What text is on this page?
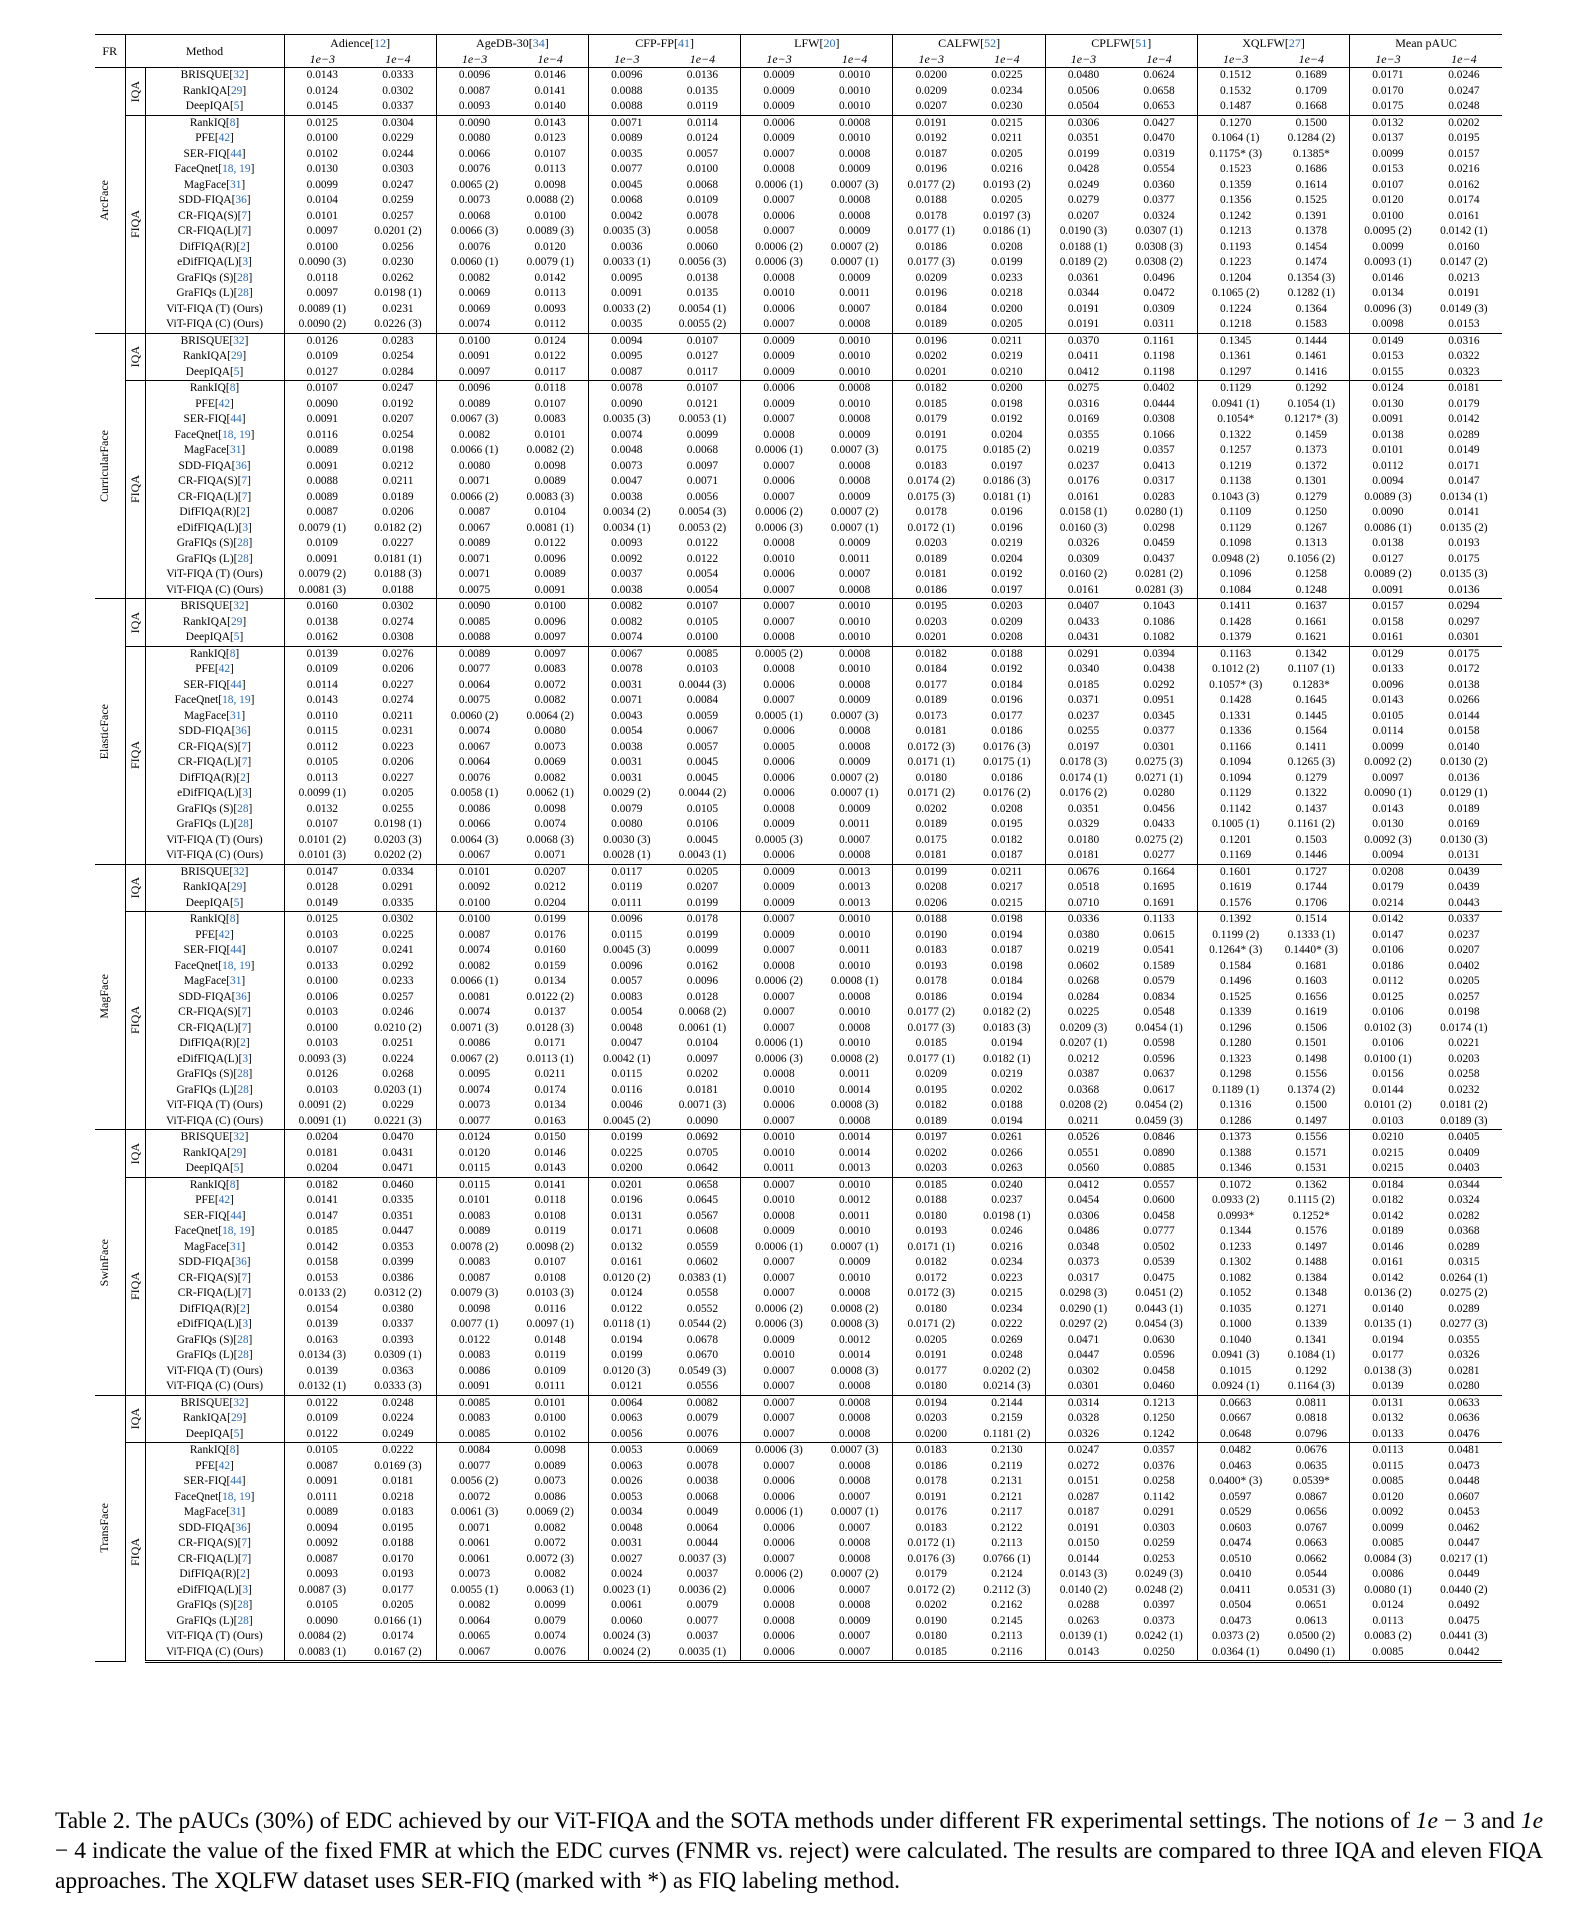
FR	Method		Adience[12]		AgeDB-30[34]		CFP-FP[41]		LFW[20]		CALFW[52]		CPLFW[51]		XQLFW[27]		Mean pAUC	
			1e−3	1e−4	1e−3	1e−4	1e−3	1e−4	1e−3	1e−4	1e−3	1e−4	1e−3	1e−4	1e−3	1e−4	1e−3	1e−4

ArcFace	IQA	BRISQUE[32]	0.0143	0.0333	0.0096	0.0146	0.0096	0.0136	0.0009	0.0010	0.0200	0.0225	0.0480	0.0624	0.1512	0.1689	0.0171	0.0246
		RankIQA[29]	0.0124	0.0302	0.0087	0.0141	0.0088	0.0135	0.0009	0.0010	0.0209	0.0234	0.0506	0.0658	0.1532	0.1709	0.0170	0.0247
		DeepIQA[5]	0.0145	0.0337	0.0093	0.0140	0.0088	0.0119	0.0009	0.0010	0.0207	0.0230	0.0504	0.0653	0.1487	0.1668	0.0175	0.0248

	FIQA	RankIQ[8]	0.0125	0.0304	0.0090	0.0143	0.0071	0.0114	0.0006	0.0008	0.0191	0.0215	0.0306	0.0427	0.1270	0.1500	0.0132	0.0202
		PFE[42]	0.0100	0.0229	0.0080	0.0123	0.0089	0.0124	0.0009	0.0010	0.0192	0.0211	0.0351	0.0470	0.1064 (1)	0.1284 (2)	0.0137	0.0195
		SER-FIQ[44]	0.0102	0.0244	0.0066	0.0107	0.0035	0.0057	0.0007	0.0008	0.0187	0.0205	0.0199	0.0319	0.1175* (3)	0.1385*	0.0099	0.0157
		FaceQnet[18, 19]	0.0130	0.0303	0.0076	0.0113	0.0077	0.0100	0.0008	0.0009	0.0196	0.0216	0.0428	0.0554	0.1523	0.1686	0.0153	0.0216
		MagFace[31]	0.0099	0.0247	0.0065 (2)	0.0098	0.0045	0.0068	0.0006 (1)	0.0007 (3)	0.0177 (2)	0.0193 (2)	0.0249	0.0360	0.1359	0.1614	0.0107	0.0162
		SDD-FIQA[36]	0.0104	0.0259	0.0073	0.0088 (2)	0.0068	0.0109	0.0007	0.0008	0.0188	0.0205	0.0279	0.0377	0.1356	0.1525	0.0120	0.0174
		CR-FIQA(S)[7]	0.0101	0.0257	0.0068	0.0100	0.0042	0.0078	0.0006	0.0008	0.0178	0.0197 (3)	0.0207	0.0324	0.1242	0.1391	0.0100	0.0161
		CR-FIQA(L)[7]	0.0097	0.0201 (2)	0.0066 (3)	0.0089 (3)	0.0035 (3)	0.0058	0.0007	0.0009	0.0177 (1)	0.0186 (1)	0.0190 (3)	0.0307 (1)	0.1213	0.1378	0.0095 (2)	0.0142 (1)
		DifFIQA(R)[2]	0.0100	0.0256	0.0076	0.0120	0.0036	0.0060	0.0006 (2)	0.0007 (2)	0.0186	0.0208	0.0188 (1)	0.0308 (3)	0.1193	0.1454	0.0099	0.0160
		eDifFIQA(L)[3]	0.0090 (3)	0.0230	0.0060 (1)	0.0079 (1)	0.0033 (1)	0.0056 (3)	0.0006 (3)	0.0007 (1)	0.0177 (3)	0.0199	0.0189 (2)	0.0308 (2)	0.1223	0.1474	0.0093 (1)	0.0147 (2)
		GraFIQs (S)[28]	0.0118	0.0262	0.0082	0.0142	0.0095	0.0138	0.0008	0.0009	0.0209	0.0233	0.0361	0.0496	0.1204	0.1354 (3)	0.0146	0.0213
		GraFIQs (L)[28]	0.0097	0.0198 (1)	0.0069	0.0113	0.0091	0.0135	0.0010	0.0011	0.0196	0.0218	0.0344	0.0472	0.1065 (2)	0.1282 (1)	0.0134	0.0191
		ViT-FIQA (T) (Ours)	0.0089 (1)	0.0231	0.0069	0.0093	0.0033 (2)	0.0054 (1)	0.0006	0.0007	0.0184	0.0200	0.0191	0.0309	0.1224	0.1364	0.0096 (3)	0.0149 (3)
		ViT-FIQA (C) (Ours)	0.0090 (2)	0.0226 (3)	0.0074	0.0112	0.0035	0.0055 (2)	0.0007	0.0008	0.0189	0.0205	0.0191	0.0311	0.1218	0.1583	0.0098	0.0153

CurricularFace	IQA	BRISQUE[32]	0.0126	0.0283	0.0100	0.0124	0.0094	0.0107	0.0009	0.0010	0.0196	0.0211	0.0370	0.1161	0.1345	0.1444	0.0149	0.0316
		RankIQA[29]	0.0109	0.0254	0.0091	0.0122	0.0095	0.0127	0.0009	0.0010	0.0202	0.0219	0.0411	0.1198	0.1361	0.1461	0.0153	0.0322
		DeepIQA[5]	0.0127	0.0284	0.0097	0.0117	0.0087	0.0117	0.0009	0.0010	0.0201	0.0210	0.0412	0.1198	0.1297	0.1416	0.0155	0.0323

	FIQA	RankIQ[8]	0.0107	0.0247	0.0096	0.0118	0.0078	0.0107	0.0006	0.0008	0.0182	0.0200	0.0275	0.0402	0.1129	0.1292	0.0124	0.0181
		PFE[42]	0.0090	0.0192	0.0089	0.0107	0.0090	0.0121	0.0009	0.0010	0.0185	0.0198	0.0316	0.0444	0.0941 (1)	0.1054 (1)	0.0130	0.0179
		SER-FIQ[44]	0.0091	0.0207	0.0067 (3)	0.0083	0.0035 (3)	0.0053 (1)	0.0007	0.0008	0.0179	0.0192	0.0169	0.0308	0.1054*	0.1217* (3)	0.0091	0.0142
		FaceQnet[18, 19]	0.0116	0.0254	0.0082	0.0101	0.0074	0.0099	0.0008	0.0009	0.0191	0.0204	0.0355	0.1066	0.1322	0.1459	0.0138	0.0289
		MagFace[31]	0.0089	0.0198	0.0066 (1)	0.0082 (2)	0.0048	0.0068	0.0006 (1)	0.0007 (3)	0.0175	0.0185 (2)	0.0219	0.0357	0.1257	0.1373	0.0101	0.0149
		SDD-FIQA[36]	0.0091	0.0212	0.0080	0.0098	0.0073	0.0097	0.0007	0.0008	0.0183	0.0197	0.0237	0.0413	0.1219	0.1372	0.0112	0.0171
		CR-FIQA(S)[7]	0.0088	0.0211	0.0071	0.0089	0.0047	0.0071	0.0006	0.0008	0.0174 (2)	0.0186 (3)	0.0176	0.0317	0.1138	0.1301	0.0094	0.0147
		CR-FIQA(L)[7]	0.0089	0.0189	0.0066 (2)	0.0083 (3)	0.0038	0.0056	0.0007	0.0009	0.0175 (3)	0.0181 (1)	0.0161	0.0283	0.1043 (3)	0.1279	0.0089 (3)	0.0134 (1)
		DifFIQA(R)[2]	0.0087	0.0206	0.0087	0.0104	0.0034 (2)	0.0054 (3)	0.0006 (2)	0.0007 (2)	0.0178	0.0196	0.0158 (1)	0.0280 (1)	0.1109	0.1250	0.0090	0.0141
		eDifFIQA(L)[3]	0.0079 (1)	0.0182 (2)	0.0067	0.0081 (1)	0.0034 (1)	0.0053 (2)	0.0006 (3)	0.0007 (1)	0.0172 (1)	0.0196	0.0160 (3)	0.0298	0.1129	0.1267	0.0086 (1)	0.0135 (2)
		GraFIQs (S)[28]	0.0109	0.0227	0.0089	0.0122	0.0093	0.0122	0.0008	0.0009	0.0203	0.0219	0.0326	0.0459	0.1098	0.1313	0.0138	0.0193
		GraFIQs (L)[28]	0.0091	0.0181 (1)	0.0071	0.0096	0.0092	0.0122	0.0010	0.0011	0.0189	0.0204	0.0309	0.0437	0.0948 (2)	0.1056 (2)	0.0127	0.0175
		ViT-FIQA (T) (Ours)	0.0079 (2)	0.0188 (3)	0.0071	0.0089	0.0037	0.0054	0.0006	0.0007	0.0181	0.0192	0.0160 (2)	0.0281 (2)	0.1096	0.1258	0.0089 (2)	0.0135 (3)
		ViT-FIQA (C) (Ours)	0.0081 (3)	0.0188	0.0075	0.0091	0.0038	0.0054	0.0007	0.0008	0.0186	0.0197	0.0161	0.0281 (3)	0.1084	0.1248	0.0091	0.0136

ElasticFace	IQA	BRISQUE[32]	0.0160	0.0302	0.0090	0.0100	0.0082	0.0107	0.0007	0.0010	0.0195	0.0203	0.0407	0.1043	0.1411	0.1637	0.0157	0.0294
		RankIQA[29]	0.0138	0.0274	0.0085	0.0096	0.0082	0.0105	0.0007	0.0010	0.0203	0.0209	0.0433	0.1086	0.1428	0.1661	0.0158	0.0297
		DeepIQA[5]	0.0162	0.0308	0.0088	0.0097	0.0074	0.0100	0.0008	0.0010	0.0201	0.0208	0.0431	0.1082	0.1379	0.1621	0.0161	0.0301

	FIQA	RankIQ[8]	0.0139	0.0276	0.0089	0.0097	0.0067	0.0085	0.0005 (2)	0.0008	0.0182	0.0188	0.0291	0.0394	0.1163	0.1342	0.0129	0.0175
		PFE[42]	0.0109	0.0206	0.0077	0.0083	0.0078	0.0103	0.0008	0.0010	0.0184	0.0192	0.0340	0.0438	0.1012 (2)	0.1107 (1)	0.0133	0.0172
		SER-FIQ[44]	0.0114	0.0227	0.0064	0.0072	0.0031	0.0044 (3)	0.0006	0.0008	0.0177	0.0184	0.0185	0.0292	0.1057* (3)	0.1283*	0.0096	0.0138
		FaceQnet[18, 19]	0.0143	0.0274	0.0075	0.0082	0.0071	0.0084	0.0007	0.0009	0.0189	0.0196	0.0371	0.0951	0.1428	0.1645	0.0143	0.0266
		MagFace[31]	0.0110	0.0211	0.0060 (2)	0.0064 (2)	0.0043	0.0059	0.0005 (1)	0.0007 (3)	0.0173	0.0177	0.0237	0.0345	0.1331	0.1445	0.0105	0.0144
		SDD-FIQA[36]	0.0115	0.0231	0.0074	0.0080	0.0054	0.0067	0.0006	0.0008	0.0181	0.0186	0.0255	0.0377	0.1336	0.1564	0.0114	0.0158
		CR-FIQA(S)[7]	0.0112	0.0223	0.0067	0.0073	0.0038	0.0057	0.0005	0.0008	0.0172 (3)	0.0176 (3)	0.0197	0.0301	0.1166	0.1411	0.0099	0.0140
		CR-FIQA(L)[7]	0.0105	0.0206	0.0064	0.0069	0.0031	0.0045	0.0006	0.0009	0.0171 (1)	0.0175 (1)	0.0178 (3)	0.0275 (3)	0.1094	0.1265 (3)	0.0092 (2)	0.0130 (2)
		DifFIQA(R)[2]	0.0113	0.0227	0.0076	0.0082	0.0031	0.0045	0.0006	0.0007 (2)	0.0180	0.0186	0.0174 (1)	0.0271 (1)	0.1094	0.1279	0.0097	0.0136
		eDifFIQA(L)[3]	0.0099 (1)	0.0205	0.0058 (1)	0.0062 (1)	0.0029 (2)	0.0044 (2)	0.0006	0.0007 (1)	0.0171 (2)	0.0176 (2)	0.0176 (2)	0.0280	0.1129	0.1322	0.0090 (1)	0.0129 (1)
		GraFIQs (S)[28]	0.0132	0.0255	0.0086	0.0098	0.0079	0.0105	0.0008	0.0009	0.0202	0.0208	0.0351	0.0456	0.1142	0.1437	0.0143	0.0189
		GraFIQs (L)[28]	0.0107	0.0198 (1)	0.0066	0.0074	0.0080	0.0106	0.0009	0.0011	0.0189	0.0195	0.0329	0.0433	0.1005 (1)	0.1161 (2)	0.0130	0.0169
		ViT-FIQA (T) (Ours)	0.0101 (2)	0.0203 (3)	0.0064 (3)	0.0068 (3)	0.0030 (3)	0.0045	0.0005 (3)	0.0007	0.0175	0.0182	0.0180	0.0275 (2)	0.1201	0.1503	0.0092 (3)	0.0130 (3)
		ViT-FIQA (C) (Ours)	0.0101 (3)	0.0202 (2)	0.0067	0.0071	0.0028 (1)	0.0043 (1)	0.0006	0.0008	0.0181	0.0187	0.0181	0.0277	0.1169	0.1446	0.0094	0.0131

MagFace	IQA	BRISQUE[32]	0.0147	0.0334	0.0101	0.0207	0.0117	0.0205	0.0009	0.0013	0.0199	0.0211	0.0676	0.1664	0.1601	0.1727	0.0208	0.0439
		RankIQA[29]	0.0128	0.0291	0.0092	0.0212	0.0119	0.0207	0.0009	0.0013	0.0208	0.0217	0.0518	0.1695	0.1619	0.1744	0.0179	0.0439
		DeepIQA[5]	0.0149	0.0335	0.0100	0.0204	0.0111	0.0199	0.0009	0.0013	0.0206	0.0215	0.0710	0.1691	0.1576	0.1706	0.0214	0.0443

	FIQA	RankIQ[8]	0.0125	0.0302	0.0100	0.0199	0.0096	0.0178	0.0007	0.0010	0.0188	0.0198	0.0336	0.1133	0.1392	0.1514	0.0142	0.0337
		PFE[42]	0.0103	0.0225	0.0087	0.0176	0.0115	0.0199	0.0009	0.0010	0.0190	0.0194	0.0380	0.0615	0.1199 (2)	0.1333 (1)	0.0147	0.0237
		SER-FIQ[44]	0.0107	0.0241	0.0074	0.0160	0.0045 (3)	0.0099	0.0007	0.0011	0.0183	0.0187	0.0219	0.0541	0.1264* (3)	0.1440* (3)	0.0106	0.0207
		FaceQnet[18, 19]	0.0133	0.0292	0.0082	0.0159	0.0096	0.0162	0.0008	0.0010	0.0193	0.0198	0.0602	0.1589	0.1584	0.1681	0.0186	0.0402
		MagFace[31]	0.0100	0.0233	0.0066 (1)	0.0134	0.0057	0.0096	0.0006 (2)	0.0008 (1)	0.0178	0.0184	0.0268	0.0579	0.1496	0.1603	0.0112	0.0205
		SDD-FIQA[36]	0.0106	0.0257	0.0081	0.0122 (2)	0.0083	0.0128	0.0007	0.0008	0.0186	0.0194	0.0284	0.0834	0.1525	0.1656	0.0125	0.0257
		CR-FIQA(S)[7]	0.0103	0.0246	0.0074	0.0137	0.0054	0.0068 (2)	0.0007	0.0010	0.0177 (2)	0.0182 (2)	0.0225	0.0548	0.1339	0.1619	0.0106	0.0198
		CR-FIQA(L)[7]	0.0100	0.0210 (2)	0.0071 (3)	0.0128 (3)	0.0048	0.0061 (1)	0.0007	0.0008	0.0177 (3)	0.0183 (3)	0.0209 (3)	0.0454 (1)	0.1296	0.1506	0.0102 (3)	0.0174 (1)
		DifFIQA(R)[2]	0.0103	0.0251	0.0086	0.0171	0.0047	0.0104	0.0006 (1)	0.0010	0.0185	0.0194	0.0207 (1)	0.0598	0.1280	0.1501	0.0106	0.0221
		eDifFIQA(L)[3]	0.0093 (3)	0.0224	0.0067 (2)	0.0113 (1)	0.0042 (1)	0.0097	0.0006 (3)	0.0008 (2)	0.0177 (1)	0.0182 (1)	0.0212	0.0596	0.1323	0.1498	0.0100 (1)	0.0203
		GraFIQs (S)[28]	0.0126	0.0268	0.0095	0.0211	0.0115	0.0202	0.0008	0.0011	0.0209	0.0219	0.0387	0.0637	0.1298	0.1556	0.0156	0.0258
		GraFIQs (L)[28]	0.0103	0.0203 (1)	0.0074	0.0174	0.0116	0.0181	0.0010	0.0014	0.0195	0.0202	0.0368	0.0617	0.1189 (1)	0.1374 (2)	0.0144	0.0232
		ViT-FIQA (T) (Ours)	0.0091 (2)	0.0229	0.0073	0.0134	0.0046	0.0071 (3)	0.0006	0.0008 (3)	0.0182	0.0188	0.0208 (2)	0.0454 (2)	0.1316	0.1500	0.0101 (2)	0.0181 (2)
		ViT-FIQA (C) (Ours)	0.0091 (1)	0.0221 (3)	0.0077	0.0163	0.0045 (2)	0.0090	0.0007	0.0008	0.0189	0.0194	0.0211	0.0459 (3)	0.1286	0.1497	0.0103	0.0189 (3)

SwinFace	IQA	BRISQUE[32]	0.0204	0.0470	0.0124	0.0150	0.0199	0.0692	0.0010	0.0014	0.0197	0.0261	0.0526	0.0846	0.1373	0.1556	0.0210	0.0405
		RankIQA[29]	0.0181	0.0431	0.0120	0.0146	0.0225	0.0705	0.0010	0.0014	0.0202	0.0266	0.0551	0.0890	0.1388	0.1571	0.0215	0.0409
		DeepIQA[5]	0.0204	0.0471	0.0115	0.0143	0.0200	0.0642	0.0011	0.0013	0.0203	0.0263	0.0560	0.0885	0.1346	0.1531	0.0215	0.0403

	FIQA	RankIQ[8]	0.0182	0.0460	0.0115	0.0141	0.0201	0.0658	0.0007	0.0010	0.0185	0.0240	0.0412	0.0557	0.1072	0.1362	0.0184	0.0344
		PFE[42]	0.0141	0.0335	0.0101	0.0118	0.0196	0.0645	0.0010	0.0012	0.0188	0.0237	0.0454	0.0600	0.0933 (2)	0.1115 (2)	0.0182	0.0324
		SER-FIQ[44]	0.0147	0.0351	0.0083	0.0108	0.0131	0.0567	0.0008	0.0011	0.0180	0.0198 (1)	0.0306	0.0458	0.0993*	0.1252*	0.0142	0.0282
		FaceQnet[18, 19]	0.0185	0.0447	0.0089	0.0119	0.0171	0.0608	0.0009	0.0010	0.0193	0.0246	0.0486	0.0777	0.1344	0.1576	0.0189	0.0368
		MagFace[31]	0.0142	0.0353	0.0078 (2)	0.0098 (2)	0.0132	0.0559	0.0006 (1)	0.0007 (1)	0.0171 (1)	0.0216	0.0348	0.0502	0.1233	0.1497	0.0146	0.0289
		SDD-FIQA[36]	0.0158	0.0399	0.0083	0.0107	0.0161	0.0602	0.0007	0.0009	0.0182	0.0234	0.0373	0.0539	0.1302	0.1488	0.0161	0.0315
		CR-FIQA(S)[7]	0.0153	0.0386	0.0087	0.0108	0.0120 (2)	0.0383 (1)	0.0007	0.0010	0.0172	0.0223	0.0317	0.0475	0.1082	0.1384	0.0142	0.0264 (1)
		CR-FIQA(L)[7]	0.0133 (2)	0.0312 (2)	0.0079 (3)	0.0103 (3)	0.0124	0.0558	0.0007	0.0008	0.0172 (3)	0.0215	0.0298 (3)	0.0451 (2)	0.1052	0.1348	0.0136 (2)	0.0275 (2)
		DifFIQA(R)[2]	0.0154	0.0380	0.0098	0.0116	0.0122	0.0552	0.0006 (2)	0.0008 (2)	0.0180	0.0234	0.0290 (1)	0.0443 (1)	0.1035	0.1271	0.0140	0.0289
		eDifFIQA(L)[3]	0.0139	0.0337	0.0077 (1)	0.0097 (1)	0.0118 (1)	0.0544 (2)	0.0006 (3)	0.0008 (3)	0.0171 (2)	0.0222	0.0297 (2)	0.0454 (3)	0.1000	0.1339	0.0135 (1)	0.0277 (3)
		GraFIQs (S)[28]	0.0163	0.0393	0.0122	0.0148	0.0194	0.0678	0.0009	0.0012	0.0205	0.0269	0.0471	0.0630	0.1040	0.1341	0.0194	0.0355
		GraFIQs (L)[28]	0.0134 (3)	0.0309 (1)	0.0083	0.0119	0.0199	0.0670	0.0010	0.0014	0.0191	0.0248	0.0447	0.0596	0.0941 (3)	0.1084 (1)	0.0177	0.0326
		ViT-FIQA (T) (Ours)	0.0139	0.0363	0.0086	0.0109	0.0120 (3)	0.0549 (3)	0.0007	0.0008 (3)	0.0177	0.0202 (2)	0.0302	0.0458	0.1015	0.1292	0.0138 (3)	0.0281
		ViT-FIQA (C) (Ours)	0.0132 (1)	0.0333 (3)	0.0091	0.0111	0.0121	0.0556	0.0007	0.0008	0.0180	0.0214 (3)	0.0301	0.0460	0.0924 (1)	0.1164 (3)	0.0139	0.0280

TransFace	IQA	BRISQUE[32]	0.0122	0.0248	0.0085	0.0101	0.0064	0.0082	0.0007	0.0008	0.0194	0.2144	0.0314	0.1213	0.0663	0.0811	0.0131	0.0633
		RankIQA[29]	0.0109	0.0224	0.0083	0.0100	0.0063	0.0079	0.0007	0.0008	0.0203	0.2159	0.0328	0.1250	0.0667	0.0818	0.0132	0.0636
		DeepIQA[5]	0.0122	0.0249	0.0085	0.0102	0.0056	0.0076	0.0007	0.0008	0.0200	0.1181 (2)	0.0326	0.1242	0.0648	0.0796	0.0133	0.0476

	FIQA	RankIQ[8]	0.0105	0.0222	0.0084	0.0098	0.0053	0.0069	0.0006 (3)	0.0007 (3)	0.0183	0.2130	0.0247	0.0357	0.0482	0.0676	0.0113	0.0481
		PFE[42]	0.0087	0.0169 (3)	0.0077	0.0089	0.0063	0.0078	0.0007	0.0008	0.0186	0.2119	0.0272	0.0376	0.0463	0.0635	0.0115	0.0473
		SER-FIQ[44]	0.0091	0.0181	0.0056 (2)	0.0073	0.0026	0.0038	0.0006	0.0008	0.0178	0.2131	0.0151	0.0258	0.0400* (3)	0.0539*	0.0085	0.0448
		FaceQnet[18, 19]	0.0111	0.0218	0.0072	0.0086	0.0053	0.0068	0.0006	0.0007	0.0191	0.2121	0.0287	0.1142	0.0597	0.0867	0.0120	0.0607
		MagFace[31]	0.0089	0.0183	0.0061 (3)	0.0069 (2)	0.0034	0.0049	0.0006 (1)	0.0007 (1)	0.0176	0.2117	0.0187	0.0291	0.0529	0.0656	0.0092	0.0453
		SDD-FIQA[36]	0.0094	0.0195	0.0071	0.0082	0.0048	0.0064	0.0006	0.0007	0.0183	0.2122	0.0191	0.0303	0.0603	0.0767	0.0099	0.0462
		CR-FIQA(S)[7]	0.0092	0.0188	0.0061	0.0072	0.0031	0.0044	0.0006	0.0008	0.0172 (1)	0.2113	0.0150	0.0259	0.0474	0.0663	0.0085	0.0447
		CR-FIQA(L)[7]	0.0087	0.0170	0.0061	0.0072 (3)	0.0027	0.0037 (3)	0.0007	0.0008	0.0176 (3)	0.0766 (1)	0.0144	0.0253	0.0510	0.0662	0.0084 (3)	0.0217 (1)
		DifFIQA(R)[2]	0.0093	0.0193	0.0073	0.0082	0.0024	0.0037	0.0006 (2)	0.0007 (2)	0.0179	0.2124	0.0143 (3)	0.0249 (3)	0.0410	0.0544	0.0086	0.0449
		eDifFIQA(L)[3]	0.0087 (3)	0.0177	0.0055 (1)	0.0063 (1)	0.0023 (1)	0.0036 (2)	0.0006	0.0007	0.0172 (2)	0.2112 (3)	0.0140 (2)	0.0248 (2)	0.0411	0.0531 (3)	0.0080 (1)	0.0440 (2)
		GraFIQs (S)[28]	0.0105	0.0205	0.0082	0.0099	0.0061	0.0079	0.0008	0.0008	0.0202	0.2162	0.0288	0.0397	0.0504	0.0651	0.0124	0.0492
		GraFIQs (L)[28]	0.0090	0.0166 (1)	0.0064	0.0079	0.0060	0.0077	0.0008	0.0009	0.0190	0.2145	0.0263	0.0373	0.0473	0.0613	0.0113	0.0475
		ViT-FIQA (T) (Ours)	0.0084 (2)	0.0174	0.0065	0.0074	0.0024 (3)	0.0037	0.0006	0.0007	0.0180	0.2113	0.0139 (1)	0.0242 (1)	0.0373 (2)	0.0500 (2)	0.0083 (2)	0.0441 (3)
		ViT-FIQA (C) (Ours)	0.0083 (1)	0.0167 (2)	0.0067	0.0076	0.0024 (2)	0.0035 (1)	0.0006	0.0007	0.0185	0.2116	0.0143	0.0250	0.0364 (1)	0.0490 (1)	0.0085	0.0442
Table 2. The pAUCs (30%) of EDC achieved by our ViT-FIQA and the SOTA methods under different FR experimental settings. The notions of 1e − 3 and 1e − 4 indicate the value of the fixed FMR at which the EDC curves (FNMR vs. reject) were calculated. The results are compared to three IQA and eleven FIQA approaches. The XQLFW dataset uses SER-FIQ (marked with *) as FIQ labeling method.
